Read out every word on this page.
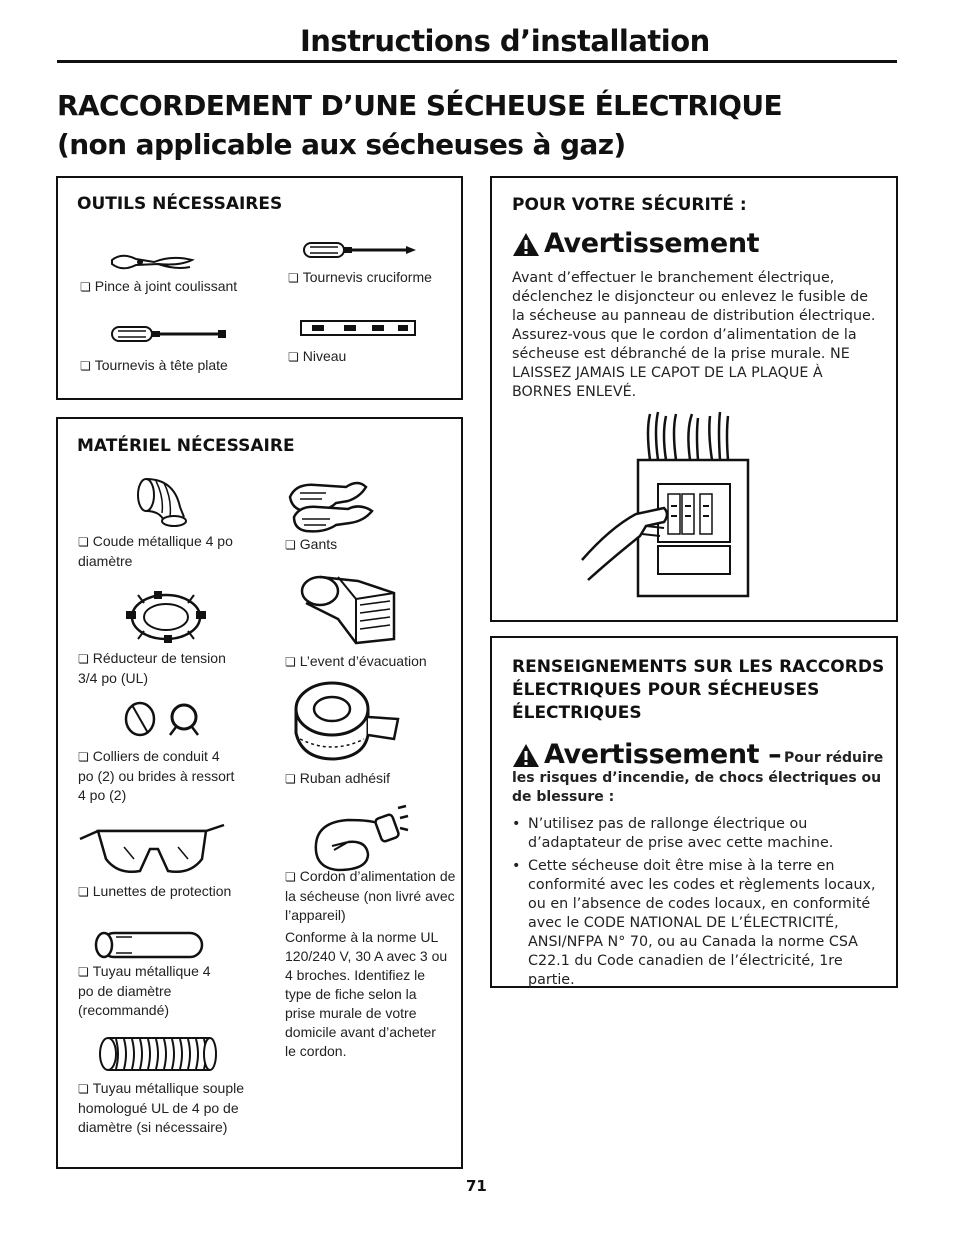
Instructions d’installation
RACCORDEMENT D’UNE SÉCHEUSE ÉLECTRIQUE
(non applicable aux sécheuses à gaz)
OUTILS NÉCESSAIRES
❏ Pince à joint coulissant
❏ Tournevis cruciforme
❏ Tournevis à tête plate
❏ Niveau
MATÉRIEL NÉCESSAIRE
❏ Coude métallique 4 po diamètre
❏ Gants
❏ Réducteur de tension 3/4 po (UL)
❏ L’event d’évacuation
❏ Colliers de conduit 4 po (2) ou brides à ressort 4 po (2)
❏ Ruban adhésif
❏ Lunettes de protection
❏ Cordon d’alimentation de la sécheuse (non livré avec l’appareil)
Conforme à la norme UL 120/240 V, 30 A avec 3 ou 4 broches. Identifiez le type de fiche selon la prise murale de votre domicile avant d’acheter le cordon.
❏ Tuyau métallique 4 po de diamètre (recommandé)
❏ Tuyau métallique souple homologué UL de 4 po de diamètre (si nécessaire)
POUR VOTRE SÉCURITÉ :
Avertissement
Avant d’effectuer le branchement électrique, déclenchez le disjoncteur ou enlevez le fusible de la sécheuse au panneau de distribution électrique. Assurez-vous que le cordon d’alimentation de la sécheuse est débranché de la prise murale. NE LAISSEZ JAMAIS LE CAPOT DE LA PLAQUE À BORNES ENLEVÉ.
RENSEIGNEMENTS SUR LES RACCORDS ÉLECTRIQUES POUR SÉCHEUSES ÉLECTRIQUES
Avertissement – Pour réduire
les risques d’incendie, de chocs électriques ou de blessure :
• N’utilisez pas de rallonge électrique ou d’adaptateur de prise avec cette machine.
• Cette sécheuse doit être mise à la terre en conformité avec les codes et règlements locaux, ou en l’absence de codes locaux, en conformité avec le CODE NATIONAL DE L’ÉLECTRICITÉ, ANSI/NFPA N° 70, ou au Canada la norme CSA C22.1 du Code canadien de l’électricité, 1re partie.
71
